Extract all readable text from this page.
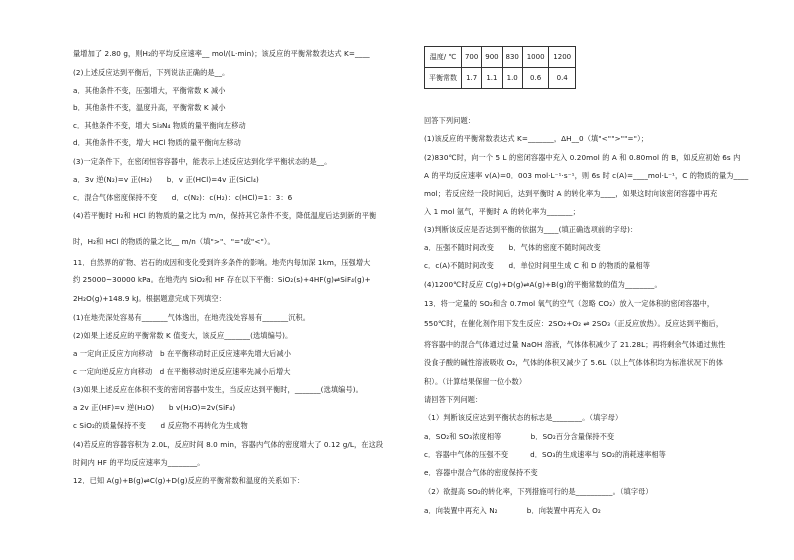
量增加了 2.80 g，则H₂的平均反应速率__ mol/(L·min)；该反应的平衡常数表达式 K=____
(2)上述反应达到平衡后，下列说法正确的是__。
a．其他条件不变，压强增大，平衡常数 K 减小
b．其他条件不变，温度升高，平衡常数 K 减小
c．其他条件不变，增大 Si₃N₄ 物质的量平衡向左移动
d．其他条件不变，增大 HCl 物质的量平衡向左移动
(3)一定条件下，在密闭恒容容器中，能表示上述反应达到化学平衡状态的是__。
a．3v 逆(N₂)=v 正(H₂)　　b．v 正(HCl)=4v 正(SiCl₄)
c．混合气体密度保持不变　　d．c(N₂)：c(H₂)：c(HCl)=1：3：6
(4)若平衡时 H₂和 HCl 的物质的量之比为 m/n，保持其它条件不变，降低温度后达到新的平衡
时，H₂和 HCl 的物质的量之比__ m/n（填">"、"="或"<"）。
11．自然界的矿物、岩石的成因和变化受到许多条件的影响。地壳内每加深 1km，压强增大
约 25000~30000 kPa。在地壳内 SiO₂和 HF 存在以下平衡：SiO₂(s)+4HF(g)⇌SiF₄(g)+
2H₂O(g)+148.9 kJ。根据题意完成下列填空：
(1)在地壳深处容易有_______气体逸出，在地壳浅处容易有_______沉积。
(2)如果上述反应的平衡常数 K 值变大，该反应_______(选填编号)。
a 一定向正反应方向移动　b 在平衡移动时正反应速率先增大后减小
c 一定向逆反应方向移动　d 在平衡移动时逆反应速率先减小后增大
(3)如果上述反应在体积不变的密闭容器中发生，当反应达到平衡时，_______(选填编号)。
a 2v 正(HF)=v 逆(H₂O)　　b v(H₂O)=2v(SiF₄)
c SiO₂的质量保持不变　　d 反应物不再转化为生成物
(4)若反应的容器容积为 2.0L，反应时间 8.0 min，容器内气体的密度增大了 0.12 g/L，在这段
时间内 HF 的平均反应速率为________。
12．已知 A(g)+B(g)⇌C(g)+D(g)反应的平衡常数和温度的关系如下：
温度/ ℃	700	900	830	1000	1200
平衡常数	1.7	1.1	1.0	0.6	0.4
回答下列问题：
(1)该反应的平衡常数表达式 K=_______，ΔH__0（填"<"">""="）；
(2)830℃时，向一个 5 L 的密闭容器中充入 0.20mol 的 A 和 0.80mol 的 B，如反应初始 6s 内
A 的平均反应速率 v(A)=0．003 mol·L⁻¹·s⁻¹，则 6s 时 c(A)=____mol·L⁻¹，C 的物质的量为____
mol；若反应经一段时间后，达到平衡时 A 的转化率为____，如果这时向该密闭容器中再充
入 1 mol 氩气，平衡时 A 的转化率为_______；
(3)判断该反应是否达到平衡的依据为____(填正确选项前的字母)：
a．压强不随时间改变　　b．气体的密度不随时间改变
c．c(A)不随时间改变　　d．单位时间里生成 C 和 D 的物质的量相等
(4)1200℃时反应 C(g)+D(g)⇌A(g)+B(g)的平衡常数的值为________。
13．将一定量的 SO₂和含 0.7mol 氧气的空气（忽略 CO₂）放入一定体积的密闭容器中，
550℃时，在催化剂作用下发生反应：2SO₂+O₂ ⇌ 2SO₃（正反应放热）。反应达到平衡后，
将容器中的混合气体通过过量 NaOH 溶液，气体体积减少了 21.28L；再将剩余气体通过焦性
没食子酸的碱性溶液吸收 O₂，气体的体积又减少了 5.6L（以上气体体积均为标准状况下的体
积）。（计算结果保留一位小数）
请回答下列问题：
（1）判断该反应达到平衡状态的标志是________。（填字母）
a．SO₂和 SO₃浓度相等　　　　b．SO₂百分含量保持不变
c．容器中气体的压强不变　　　d．SO₃的生成速率与 SO₂的消耗速率相等
e．容器中混合气体的密度保持不变
（2）欲提高 SO₂的转化率，下列措施可行的是__________。（填字母）
a．向装置中再充入 N₂　　　　b．向装置中再充入 O₂
